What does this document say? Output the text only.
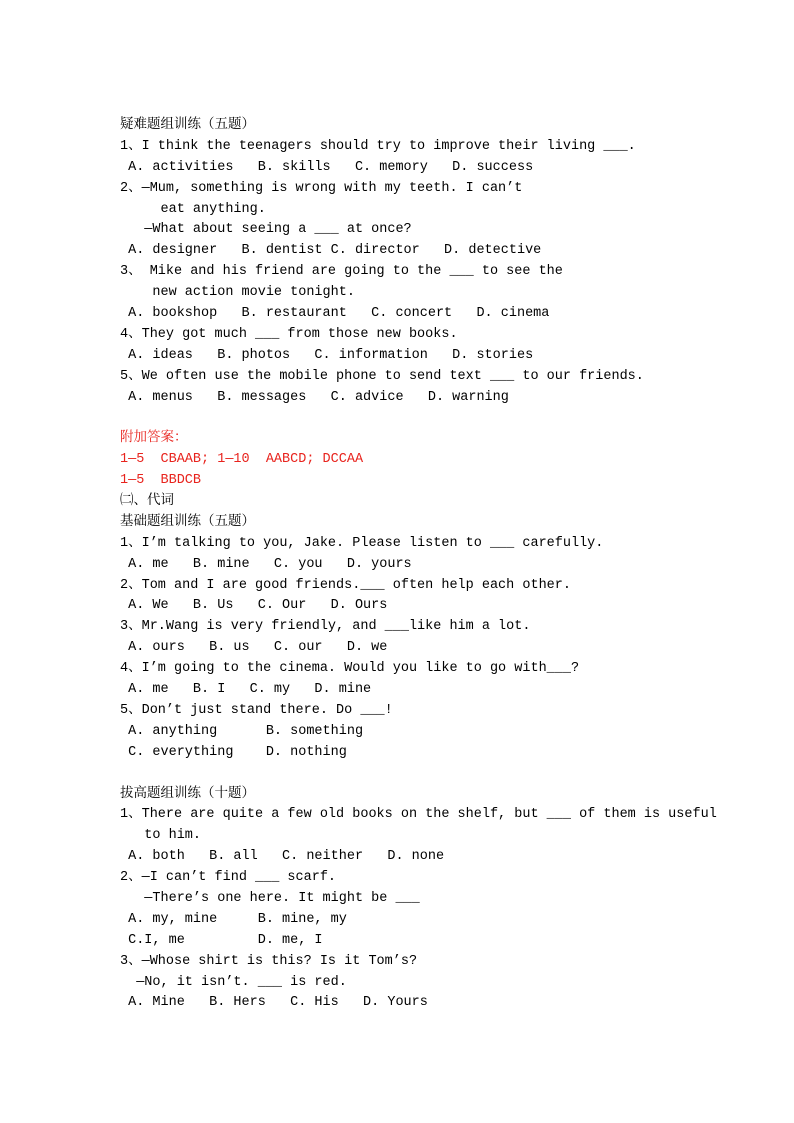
疑难题组训练（五题）
1、I think the teenagers should try to improve their living ___.
A. activities   B. skills   C. memory   D. success
2、—Mum, something is wrong with my teeth. I can’t
eat anything.
—What about seeing a ___ at once?
A. designer   B. dentist C. director   D. detective
3、 Mike and his friend are going to the ___ to see the
new action movie tonight.
A. bookshop   B. restaurant   C. concert   D. cinema
4、They got much ___ from those new books.
A. ideas   B. photos   C. information   D. stories
5、We often use the mobile phone to send text ___ to our friends.
A. menus   B. messages   C. advice   D. warning
附加答案：
1—5  CBAAB; 1—10  AABCD; DCCAA
1—5  BBDCB
㈡、代词
基础题组训练（五题）
1、I’m talking to you, Jake. Please listen to ___ carefully.
A. me   B. mine   C. you   D. yours
2、Tom and I are good friends.___ often help each other.
A. We   B. Us   C. Our   D. Ours
3、Mr.Wang is very friendly, and ___like him a lot.
A. ours   B. us   C. our   D. we
4、I’m going to the cinema. Would you like to go with___?
A. me   B. I   C. my   D. mine
5、Don’t just stand there. Do ___!
A. anything      B. something
C. everything    D. nothing
拔高题组训练（十题）
1、There are quite a few old books on the shelf, but ___ of them is useful
to him.
A. both   B. all   C. neither   D. none
2、—I can’t find ___ scarf.
—There’s one here. It might be ___
A. my, mine     B. mine, my
C.I, me         D. me, I
3、—Whose shirt is this? Is it Tom’s?
—No, it isn’t. ___ is red.
A. Mine   B. Hers   C. His   D. Yours
